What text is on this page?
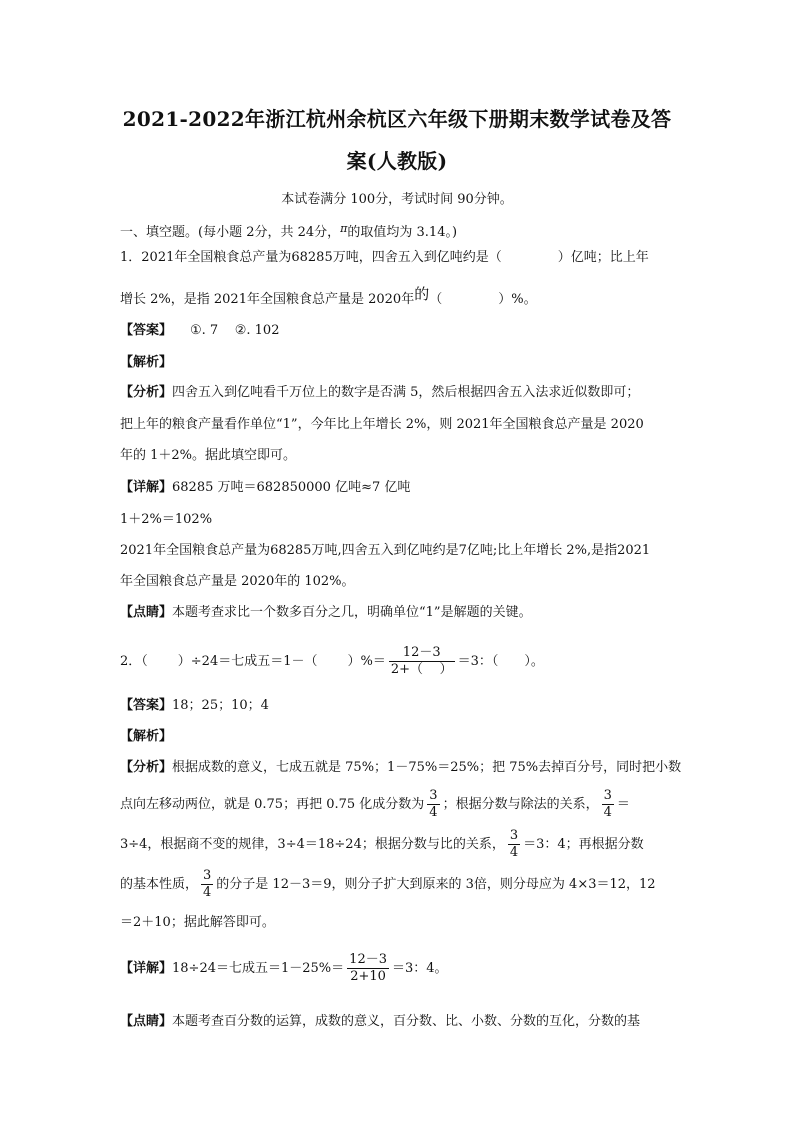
2021-2022年浙江杭州余杭区六年级下册期末数学试卷及答
案(人教版)
本试卷满分 100分，考试时间 90分钟。
一、填空题。(每小题 2分，共 24分，$^\pi$的取值均为 3.14。)
1．2021年全国粮食总产量为68285万吨，四舍五入到亿吨约是（	）亿吨；比上年
增长 2%，是指 2021年全国粮食总产量是 2020年的（	）%。
【答案】 ①. 7    ②. 102
【解析】
【分析】四舍五入到亿吨看千万位上的数字是否满 5，然后根据四舍五入法求近似数即可；
把上年的粮食产量看作单位“1”，今年比上年增长 2%，则 2021年全国粮食总产量是 2020
年的 1＋2%。据此填空即可。
【详解】68285 万吨＝682850000 亿吨≈7 亿吨
1＋2%＝102%
2021年全国粮食总产量为68285万吨,四舍五入到亿吨约是7亿吨;比上年增长 2%,是指2021
年全国粮食总产量是 2020年的 102%。
【点睛】本题考查求比一个数多百分之几，明确单位“1”是解题的关键。
2．（ ）÷24＝七成五＝1－（ ）%＝ $\frac{12-3}{2+( )} =3$：（ ）。
【答案】18；25；10；4
【解析】
【分析】根据成数的意义，七成五就是 75%；1－75%＝25%；把 75%去掉百分号，同时把小数
点向左移动两位，就是 0.75；再把 0.75 化成分数为 $\frac{3}{4}$ ；根据分数与除法的关系， $\frac{3}{4}$ ＝
3÷4，根据商不变的规律，3÷4＝18÷24；根据分数与比的关系， $\frac{3}{4} =3$：4；再根据分数
的基本性质， $\frac{3}{4}$ 的分子是 12－3＝9，则分子扩大到原来的 3倍，则分母应为 4×3＝12，12
＝2＋10；据此解答即可。
【详解】18÷24＝七成五$=1-25\%= \frac{12-3}{2+10} =3$：4。
【点睛】本题考查百分数的运算，成数的意义，百分数、比、小数、分数的互化，分数的基
